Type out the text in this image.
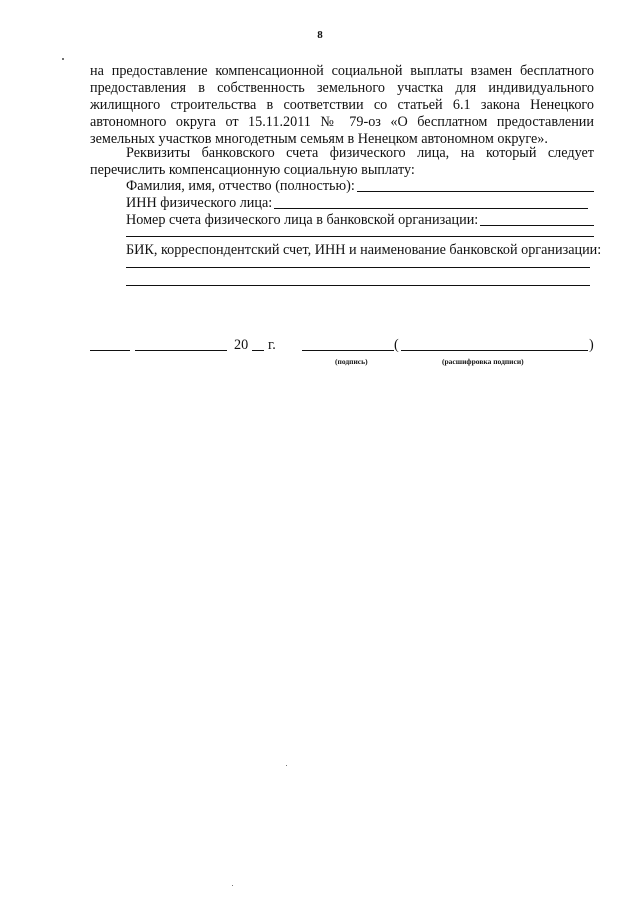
8

на предоставление компенсационной социальной выплаты взамен бесплатного предоставления в собственность земельного участка для индивидуального жилищного строительства в соответствии со статьей 6.1 закона Ненецкого автономного округа от 15.11.2011 № 79-оз «О бесплатном предоставлении земельных участков многодетным семьям в Ненецком автономном округе».

Реквизиты банковского счета физического лица, на который следует перечислить компенсационную социальную выплату:

Фамилия, имя, отчество (полностью):
ИНН физического лица:
Номер счета физического лица в банковской организации:
БИК, корреспондентский счет, ИНН и наименование банковской организации:
20 г.	(	)
(подпись)	(расшифровка подписи)
